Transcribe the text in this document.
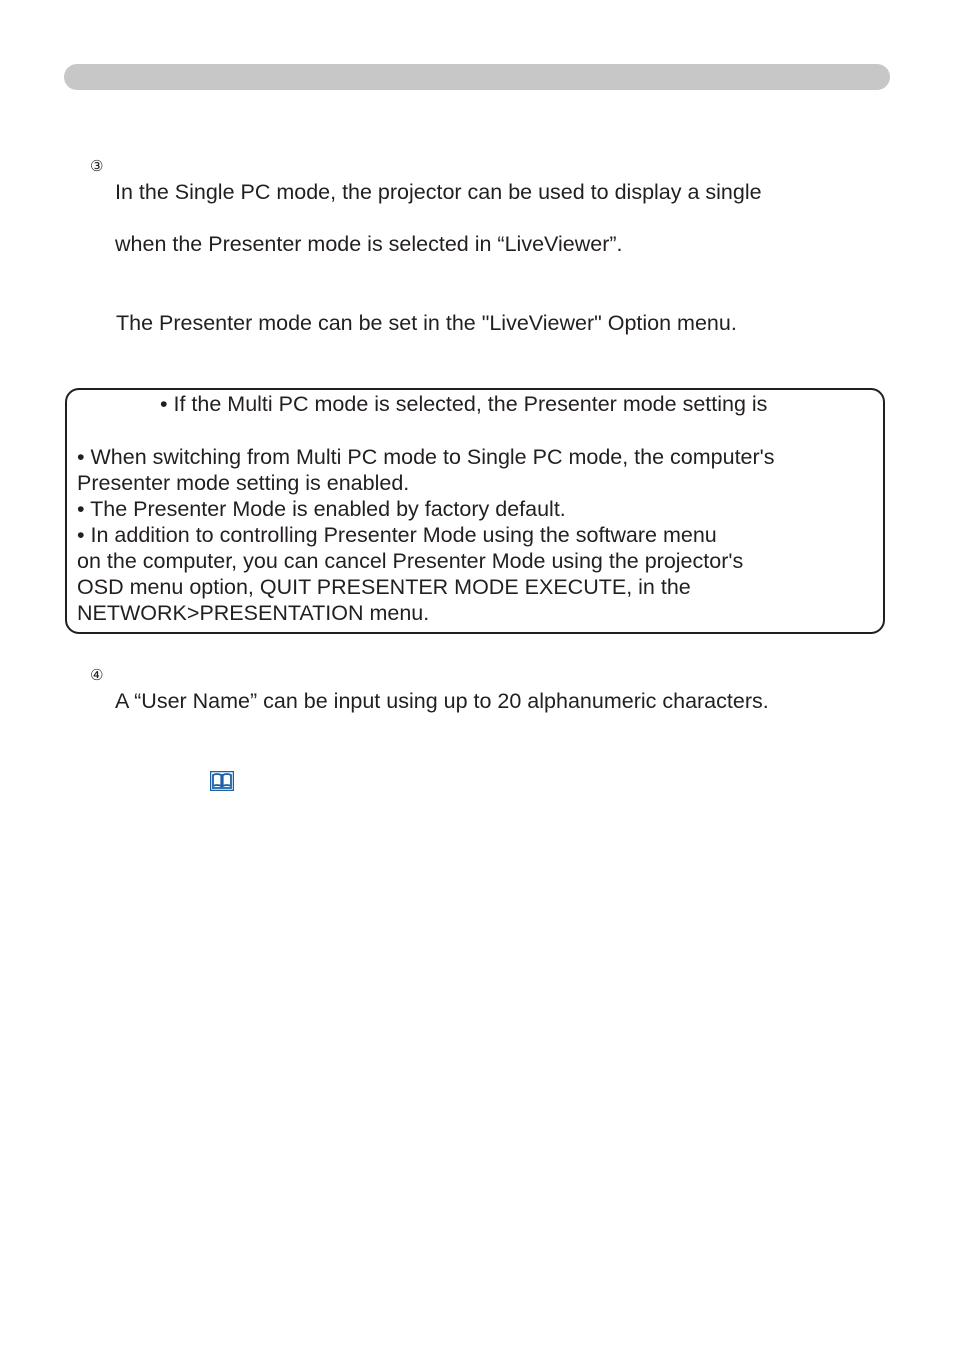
③
In the Single PC mode, the projector can be used to display a single
when the Presenter mode is selected in “LiveViewer”.
The Presenter mode can be set in the "LiveViewer" Option menu.
• If the Multi PC mode is selected, the Presenter mode setting is
• When switching from Multi PC mode to Single PC mode, the computer's
Presenter mode setting is enabled.
• The Presenter Mode is enabled by factory default.
• In addition to controlling Presenter Mode using the software menu
on the computer, you can cancel Presenter Mode using the projector's
OSD menu option, QUIT PRESENTER MODE EXECUTE, in the
NETWORK>PRESENTATION menu.
④
A “User Name” can be input using up to 20 alphanumeric characters.
